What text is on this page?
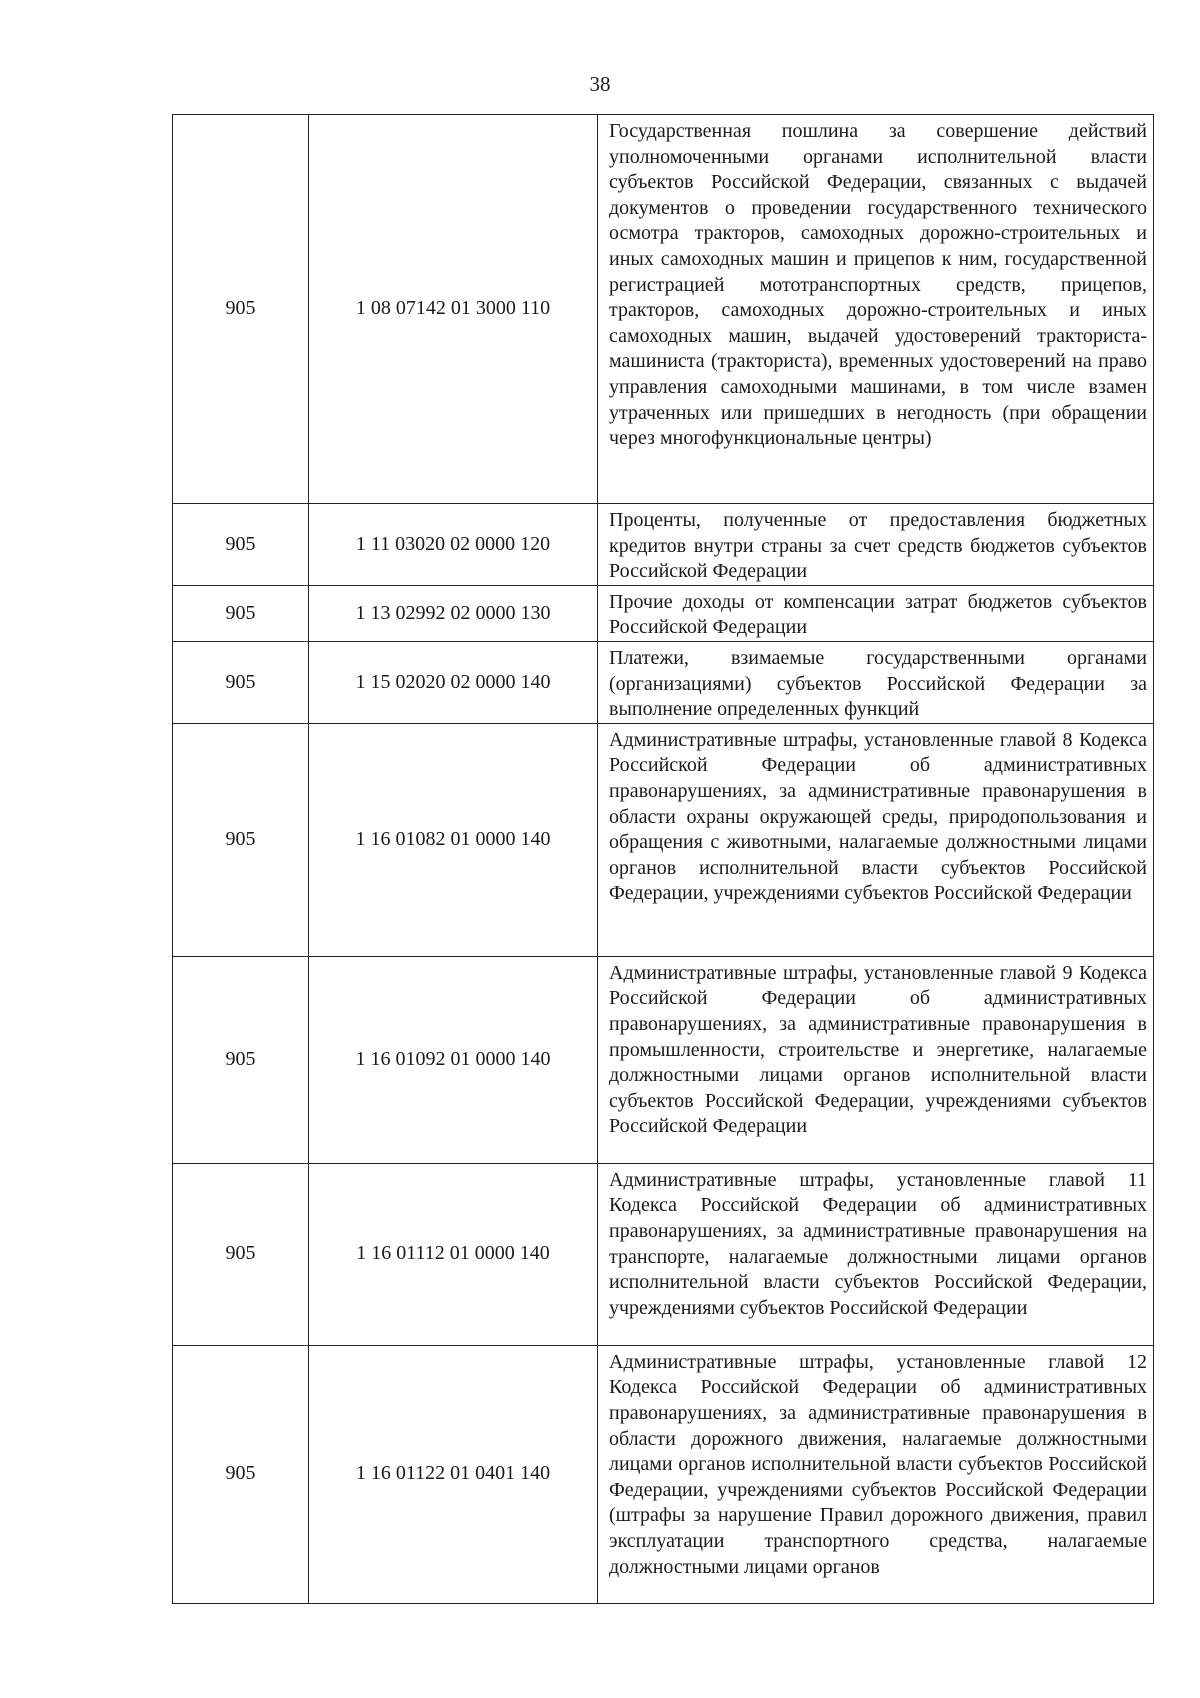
38
905	1 08 07142 01 3000 110	Государственная пошлина за совершение действий уполномоченными органами исполнительной власти субъектов Российской Федерации, связанных с выдачей документов о проведении государственного технического осмотра тракторов, самоходных дорожно-строительных и иных самоходных машин и прицепов к ним, государственной регистрацией мототранспортных средств, прицепов, тракторов, самоходных дорожно-строительных и иных самоходных машин, выдачей удостоверений тракториста-машиниста (тракториста), временных удостоверений на право управления самоходными машинами, в том числе взамен утраченных или пришедших в негодность (при обращении через многофункциональные центры)
905	1 11 03020 02 0000 120	Проценты, полученные от предоставления бюджетных кредитов внутри страны за счет средств бюджетов субъектов Российской Федерации
905	1 13 02992 02 0000 130	Прочие доходы от компенсации затрат бюджетов субъектов Российской Федерации
905	1 15 02020 02 0000 140	Платежи, взимаемые государственными органами (организациями) субъектов Российской Федерации за выполнение определенных функций
905	1 16 01082 01 0000 140	Административные штрафы, установленные главой 8 Кодекса Российской Федерации об административных правонарушениях, за административные правонарушения в области охраны окружающей среды, природопользования и обращения с животными, налагаемые должностными лицами органов исполнительной власти субъектов Российской Федерации, учреждениями субъектов Российской Федерации
905	1 16 01092 01 0000 140	Административные штрафы, установленные главой 9 Кодекса Российской Федерации об административных правонарушениях, за административные правонарушения в промышленности, строительстве и энергетике, налагаемые должностными лицами органов исполнительной власти субъектов Российской Федерации, учреждениями субъектов Российской Федерации
905	1 16 01112 01 0000 140	Административные штрафы, установленные главой 11 Кодекса Российской Федерации об административных правонарушениях, за административные правонарушения на транспорте, налагаемые должностными лицами органов исполнительной власти субъектов Российской Федерации, учреждениями субъектов Российской Федерации
905	1 16 01122 01 0401 140	Административные штрафы, установленные главой 12 Кодекса Российской Федерации об административных правонарушениях, за административные правонарушения в области дорожного движения, налагаемые должностными лицами органов исполнительной власти субъектов Российской Федерации, учреждениями субъектов Российской Федерации (штрафы за нарушение Правил дорожного движения, правил эксплуатации транспортного средства, налагаемые должностными лицами органов
